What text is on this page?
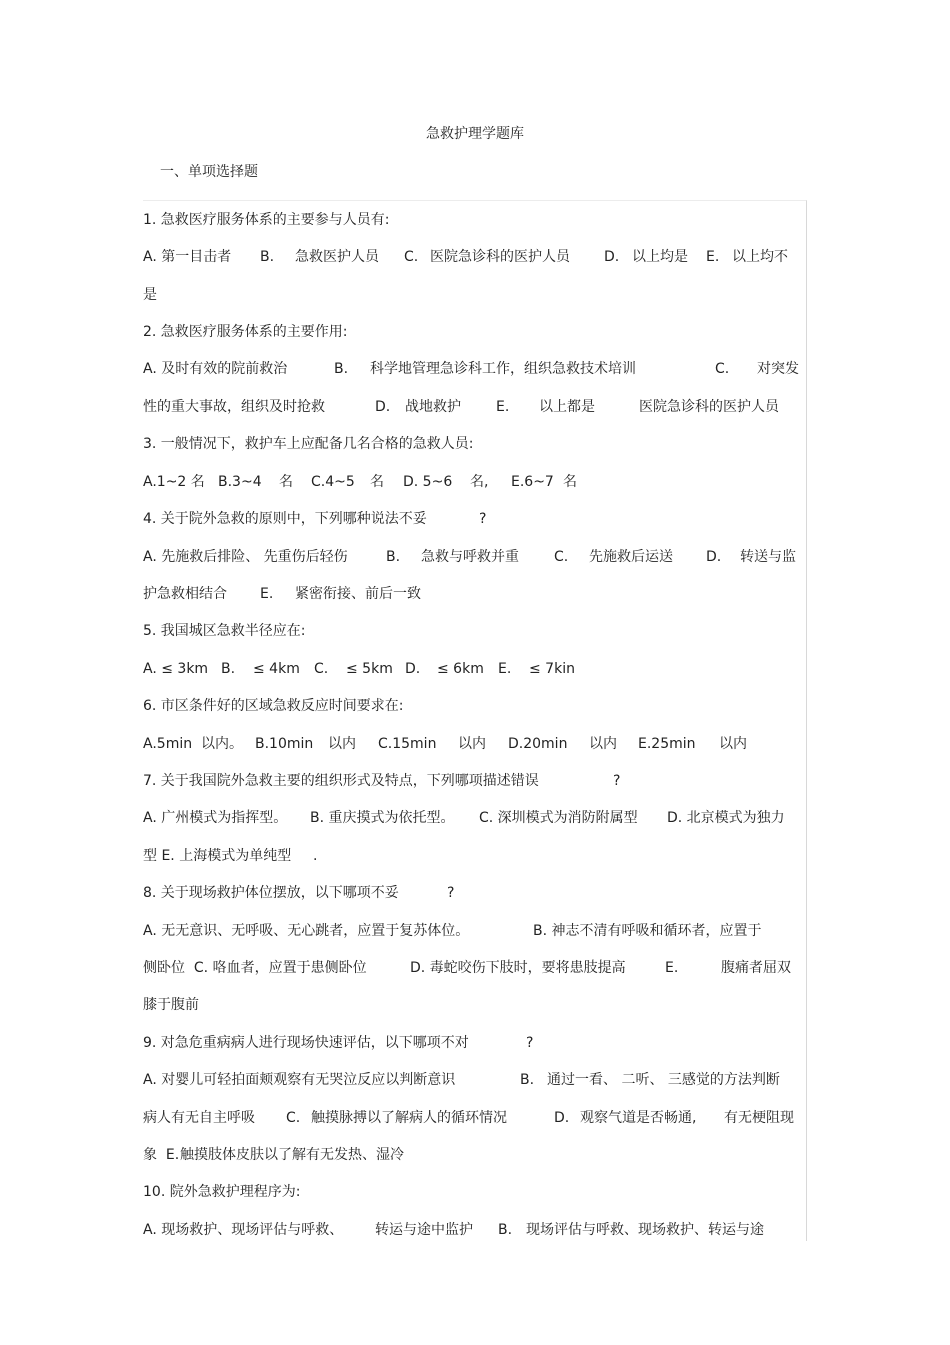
急救护理学题库
一、单项选择题
1. 急救医疗服务体系的主要参与人员有:
A. 第一目击者 B. 急救医护人员 C. 医院急诊科的医护人员 D. 以上均是 E. 以上均不
是
2. 急救医疗服务体系的主要作用:
A. 及时有效的院前救治	B. 科学地管理急诊科工作，组织急救技术培训	C. 对突发
性的重大事故，组织及时抢救	D. 战地救护	E. 以上都是	医院急诊科的医护人员
3. 一般情况下，救护车上应配备几名合格的急救人员:
A.1~2 名 B.3~4 名 C.4~5 名 D. 5~6 名, E.6~7 名
4. 关于院外急救的原则中，下列哪种说法不妥	?
A. 先施救后排险、 先重伤后轻伤	B. 急救与呼救并重	C. 先施救后运送 D. 转送与监
护急救相结合 E. 紧密衔接、前后一致
5. 我国城区急救半径应在:
A. ≤ 3km B. ≤ 4km C. ≤ 5km D. ≤ 6km E. ≤ 7kin
6. 市区条件好的区域急救反应时间要求在:
A.5min  以内。 B.10min 以内 C.15min 以内 D.20min 以内 E.25min 以内
7. 关于我国院外急救主要的组织形式及特点，下列哪项描述错误	?
A. 广州模式为指挥型。 B. 重庆摸式为依托型。 C. 深圳模式为消防附属型 D. 北京模式为独力
型 E. 上海模式为单纯型 .
8. 关于现场救护体位摆放，以下哪项不妥	?
A. 无无意识、无呼吸、无心跳者，应置于复苏体位。	B. 神志不清有呼吸和循环者，应置于
侧卧位  C. 咯血者，应置于患侧卧位	D. 毒蛇咬伤下肢时，要将患肢提高	E.	腹痛者屈双
膝于腹前
9. 对急危重病病人进行现场快速评估，以下哪项不对	?
A. 对婴儿可轻拍面颊观察有无哭泣反应以判断意识	B. 通过一看、 二听、 三感觉的方法判断
病人有无自主呼吸 C. 触摸脉搏以了解病人的循环情况	D. 观察气道是否畅通, 有无梗阻现
象  E. 触摸肢体皮肤以了解有无发热、湿冷
10. 院外急救护理程序为:
A. 现场救护、现场评估与呼救、 转运与途中监护 B. 现场评估与呼救、现场救护、转运与途
